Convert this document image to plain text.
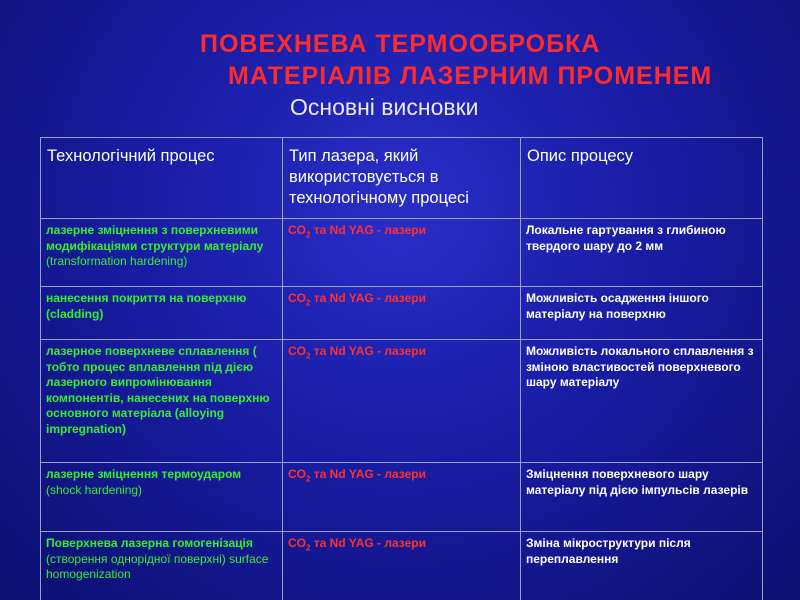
ПОВЕХНЕВА ТЕРМООБРОБКА
МАТЕРІАЛІВ ЛАЗЕРНИМ ПРОМЕНЕМ
Основні висновки
Технологічний процес	Тип лазера, який використовується в технологічному процесі	Опис процесу
лазерне зміцнення з поверхневими модифікаціями структури матеріалу (transformation hardening)	$CO_2$ та Nd YAG - лазери	Локальне гартування з глибиною твердого шару до 2 мм
нанесення покриття на поверхню (cladding)	$CO_2$ та Nd YAG - лазери	Можливість осадження іншого матеріалу на поверхню
лазерное поверхневе сплавлення ( тобто процес вплавлення під дією лазерного випромінювання компонентів, нанесених на поверхню основного матеріала (alloying impregnation)	$CO_2$ та Nd YAG - лазери	Можливість локального сплавлення з зміною властивостей поверхневого шару матеріалу
лазерне зміцнення термоударом (shock hardening)	$CO_2$ та Nd YAG - лазери	Зміцнення поверхневого шару матеріалу під дією імпульсів лазерів
Поверхнева лазерна гомогенізація (створення однорідної поверхні) surface homogenization	$CO_2$ та Nd YAG - лазери	Зміна мікроструктури після переплавлення
